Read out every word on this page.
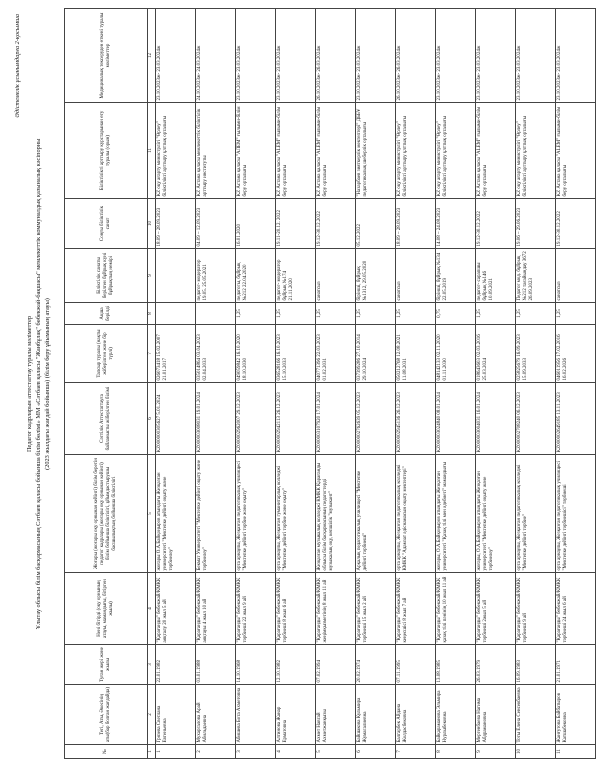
Әдістемелік ұсынымдарға 2-қосымша
Педагог кадрларын аттестаттау туралы мәліметтер Ұлытау облысы білім басқармасының Сәтбаев қаласы бойынша білім бөлімі» ММ «Сәтбаев қаласы "Жанбұлақ" бөбекжай-бақшасы" мемлекеттік коммуналдық қазыналық кәсіпорны (2023 жылдағы жағдай бойынша) (білім беру ұйымының атауы)
№	Тегі, Аты, Әкесінің аты(бар болған жағдайда)	Туған жері және жылы	Нені бітірді (оқу орнының атауы, мамандығы, бітірген жылы)	Жоғары (жоғары оқу орнынан кейінгі) білім беретін педагог кадрлары (жоғары оқу орнынан кейінгі) білім бойынша біліктілігі, ұйымдастырушы басшылықтың бойынша біліктілігі	Сәттілік Аттестаттауға байланысты жіберілген білімі	Тапсыр туралы (нақты жіберілген және бір түрлі)	Ақша берілді	Біліктілік санаты берілген бұйрық күні бұйрықтың нөмірі	Соңғы біліктілік санат	Біліктілікті арттыру курстарынан өту туралы (орын)	Медициналық тексеруден өткені туралы мәліметтер
1	2	3	4	5	6	7	8	9	10	11	12
1	Грязева Светлана Евгеньевна	22.01.1982	"Қарағанды" бөбекжай/КМКК аяқталу 20 жыл 5 ай	жоғары О.А.Байқоңыров атындағы Жезқазған университеті "Мектепке дейінгі оқыту және тәрбиелеу"	KZ000000305627 5.01.2024	026073418 15.02.2007 21.01.2017			18.09 – 28.09.2023	KZ оқу ағарту министрлігі "Өрлеу" біліктілікті арттыру ұлттық орталығы	23.10.2023ж- 23.03.2024ж
2	Мухаргалова Арай Абильдаевна	03.01.1988	"Қарағанды" бөбекжай/КМКК аяқтауы 4 жыл 10 ай	Бекмат Университеті "Мектепке дейінгі оқыту және тәрбиелеу"	KZ000003008031 19.01.2024	035014864 03.04.2023 02.04.2033		педагог- модератор 19.05. 25.05.2021	04.09 – 12.09.2023	KZ Астана қаласы мемлекеттік біліктілік арттыру институты	24.10.2023ж- 24.03.2024ж
3	Абишева Бота Ахметовна	14.10.1968	"Қарағанды" бөбекжай/КМКК тәрбиеші 22 жыл 9 ай	орта арнаулы, Жезқазған педагогикалық училищесі "Мектепке дейінгі тәрбие және оқыту"	KZ000002962007 29.12.2023	049059842 16.10.2020 18.10.2030	1,25	педагогы, бұйрық №212 22.04.2020	16.01.2020	KZ Астана қаласы "АЛЕМ" ғылыми-білім беру орталығы	23.10.2023ж- 23.03.2024ж
4	Алтинова Жанар Ерматовна	12.10.1982	"Қарағанды" бөбекжай/КМКК тәрбиеші 8 жыл 6 ай	орта арнаулы, Жезқазған гуманитарлық колледжі "Мектепке дейінгі тәрбие және оқыту"	KZ000002942113 26.12.2023	036528166 16.10.2023 15.10.2033	1,25	педагог- модератор бұйрық №174 21.11.2020	19.11-20.12. 2022	KZ Астана қаласы "ALEM" ғылыми-білім беру орталығы	23.10.2023ж- 23.03.2024ж
5	Ахмет Навгай Ахметжанқызы	07.02.1994	"Қарағанды" бөбекжай/КМКК жеңімқызметінің 8 жыл 11 ай	Жезқазған музыкалық колледжі КМКК Қарағанды облысы білім басқармасының педагогтерді музыкалық оқу, көпшілік "музыкант"	KZ000003107920 17.01.2024	040771396 22.03.2023 01.02.2031	1,25	санатсыз	19.12-30.12.2022	KZ Астана қаласы "ALEM" ғылыми-білім беру орталығы	26.10.2023ж- 26.03.2024ж
6	Байшакова Кульмира Жумагалиевна	20.02.1974	"Қарағанды" бөбекжай/КМКК тәрбиеші 15 жыл 2 ай	Арқалық педагогикалық училищесі "Мектепке дейінгі тәрбиеші"	KZ000002762639 05.12.2023	037399286 27.10.2014 29.10.2024	1,25	бірінші, бұйрық №1312, 29.05.2020	05.12.2022	"Назарбаев зияткерлік мектептері" ДББҰ педагогикалық шеберлік орталығы	23.10.2023ж- 23.03.2024ж
7	Балгарбек Айдана Жолдасбековна	07.11.1995	"Қарағанды" бөбекжай/КМКК кеңесшісі 8 жыл 7 ай	орта арнаулы, Жезқазған педагогикалық колледжі КМКК "Адамзат әдіснамасын оқыту мектептері"	KZ000002945136 26.12.2023	050212768 12.08.2021 11.08.2031	1,25	санатсыз	18.09 – 28.09.2023	KZ оқу ағарту министрлігі "Өрлеу" біліктілікті арттыру ұлттық орталығы	26.10.2023ж- 26.03.2024ж
8	Байқараманова Эльмира Нурлыбековна	13.08.1985	"Қарағанды" бөбекжай/КМКК қазақ тілі пәнінің 10 жыл 11 ай	жоғары, О.А.Байқоңыров атындағы Жезқазған университеті "Қазақ тілі мен әдебиеті" мамандығы	KZ000003024840 08.01.2024	048142133 02.11.2020 01.11.2030	0,75	бірінші, бұйрық №134 22.05.2019	14.08 – 24.08.2023	KZ оқу ағарту министрлігі "Өрлеу" біліктілікті арттыру ұлттық орталығы	23.10.2023ж- 23.03.2024ж
9	Мергенбаева Нагима Абдрамановна	26.03.1979	"Қарағанды" бөбекжай/КМКК тәрбиеші 2жыл 5 ай	жоғары, О.А.Байқоңыров атындағы Жезқазған университеті "Мектепке дейінгі оқыту және тәрбиелеу"	KZ000003004031 16.01.2024	018643603 02.03.2016 25.03.2024	1,25	педагог- сарапшы бұйрық №146 10.09.2021	19.12-30.12.2022	KZ Астана қаласы "ALEM" ғылыми-білім беру орталығы	23.10.2023ж- 23.03.2024ж
10	Тоты Елена Сенсекбаевна	16.09.1983	"Қарағанды" бөбекжай/КМКК тәрбиеші 9 ай	орта арнаулы, Жезқазған педагогикалық колледжі "Мектепке дейінгі тәрбие"	KZ000002708240 06.12.2023	025825679 16.09.2023 15.09.2033	1,25	Педагог мод. бұйрық №212 тағайындау 3672 26.09.2023	19.06 – 29.06.2023	KZ оқу ағарту министрлігі "Өрлеу" біліктілікті арттыру ұлттық орталығы	23.10.2023ж- 23.03.2024ж
11	Жанғутова Байбатыров Катшабековна	21.01.1971	"Қарағанды" бөбекжай/КМКК тәрбиеші 24 жыл 6 ай	орта арнаулы, Жезқазған педагогикалық училищесі "Мектепке дейінгі тәрбиешісі" тәрбиеші	KZ000002649185 13.11.2023	046011956 17.02.2016 16.02.2026	1,25	санатсыз	19.12-30.12.2022	KZ Астана қаласы "ALEM" ғылыми-білім беру орталығы	23.10.2023ж- 23.03.2024ж
